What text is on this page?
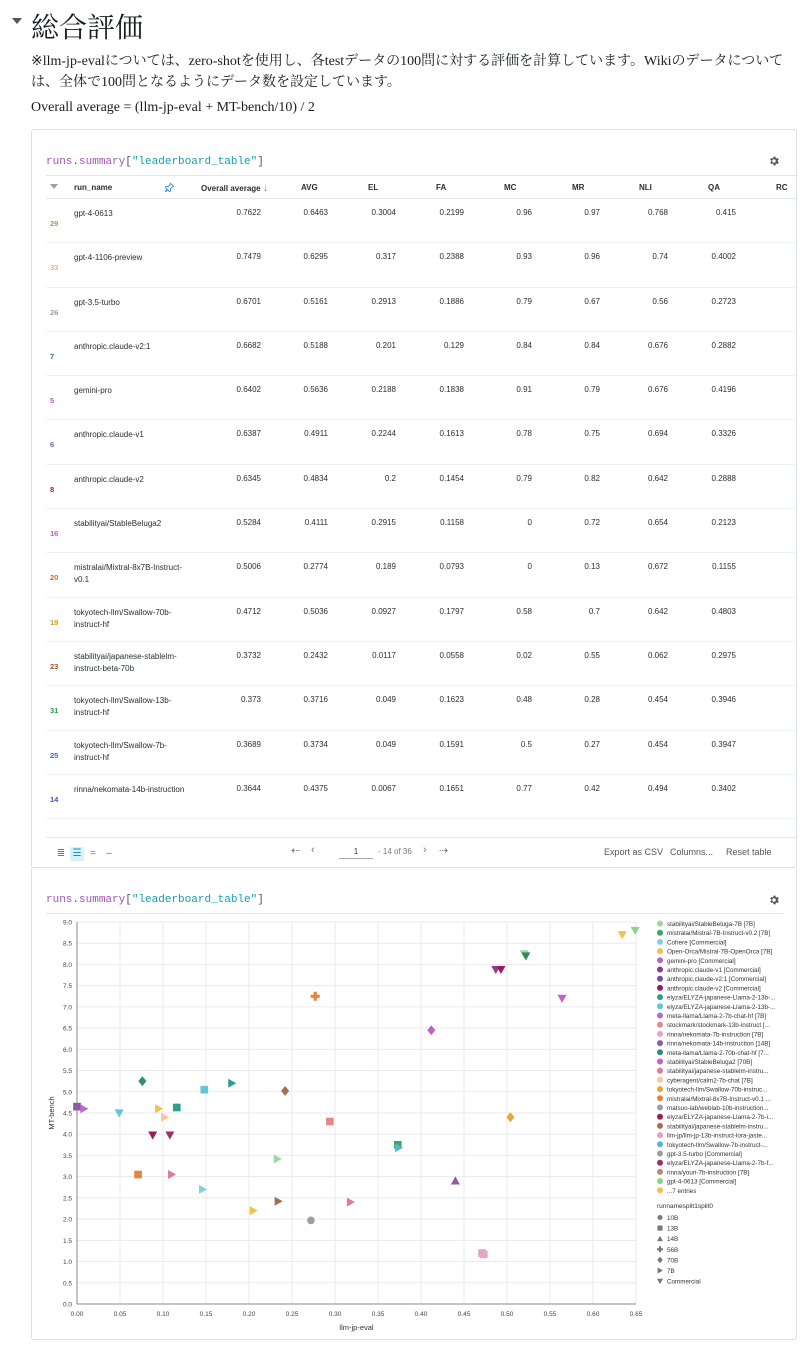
総合評価
※llm-jp-evalについては、zero-shotを使用し、各testデータの100問に対する評価を計算しています。Wikiのデータについては、全体で100問となるようにデータ数を設定しています。
Overall average = (llm-jp-eval + MT-bench/10) / 2
runs.summary["leaderboard_table"]
run_name	Overall average ↓	AVG	EL	FA	MC	MR	NLI	QA	RC
29
gpt-4-0613	0.7622	0.6463	0.3004	0.2199	0.96	0.97	0.768	0.415
33
gpt-4-1106-preview	0.7479	0.6295	0.317	0.2388	0.93	0.96	0.74	0.4002
26
gpt-3.5-turbo	0.6701	0.5161	0.2913	0.1886	0.79	0.67	0.56	0.2723
7
anthropic.claude-v2:1	0.6682	0.5188	0.201	0.129	0.84	0.84	0.676	0.2882
5
gemini-pro	0.6402	0.5636	0.2188	0.1838	0.91	0.79	0.676	0.4196
6
anthropic.claude-v1	0.6387	0.4911	0.2244	0.1613	0.78	0.75	0.694	0.3326
8
anthropic.claude-v2	0.6345	0.4834	0.2	0.1454	0.79	0.82	0.642	0.2888
16
stabilityai/StableBeluga2	0.5284	0.4111	0.2915	0.1158	0	0.72	0.654	0.2123
20
mistralai/Mixtral-8x7B-Instruct-v0.1
0.5006	0.2774	0.189	0.0793	0	0.13	0.672	0.1155
19
tokyotech-llm/Swallow-70b-instruct-hf
0.4712	0.5036	0.0927	0.1797	0.58	0.7	0.642	0.4803
23
stabilityai/japanese-stablelm-instruct-beta-70b
0.3732	0.2432	0.0117	0.0558	0.02	0.55	0.062	0.2975
31
tokyotech-llm/Swallow-13b-instruct-hf
0.373	0.3716	0.049	0.1623	0.48	0.28	0.454	0.3946
25
tokyotech-llm/Swallow-7b-instruct-hf
0.3689	0.3734	0.049	0.1591	0.5	0.27	0.454	0.3947
14
rinna/nekomata-14b-instruction	0.3644	0.4375	0.0067	0.1651	0.77	0.42	0.494	0.3402
≣ ☰ =	–	⇠ ‹	1	- 14 of 36 › ⇢	Export as CSV Columns... Reset table
runs.summary["leaderboard_table"]
0.00	0.05	0.10	0.15	0.20	0.25	0.30	0.35	0.40	0.45	0.50	0.55	0.60	0.65
0.0
0.5
1.0
1.5
2.0
2.5
3.0
3.5
4.0
4.5
5.0
5.5
6.0
6.5
7.0
7.5
8.0
8.5
9.0
llm-jp-eval
MT-bench
stabilityai/StableBeluga-7B [7B]
mistralai/Mistral-7B-Instruct-v0.2 [7B]
Cohere [Commercial]
Open-Orca/Mistral-7B-OpenOrca [7B]
gemini-pro [Commercial]
anthropic.claude-v1 [Commercial]
anthropic.claude-v2:1 [Commercial]
anthropic.claude-v2 [Commercial]
elyza/ELYZA-japanese-Llama-2-13b-...
elyza/ELYZA-japanese-Llama-2-13b-...
meta-llama/Llama-2-7b-chat-hf [7B]
stockmark/stockmark-13b-instruct [...
rinna/nekomata-7b-instruction [7B]
rinna/nekomata-14b-instruction [14B]
meta-llama/Llama-2-70b-chat-hf [7...
stabilityai/StableBeluga2 [70B]
stabilityai/japanese-stablelm-instru...
cyberagent/calm2-7b-chat [7B]
tokyotech-llm/Swallow-70b-instruc...
mistralai/Mixtral-8x7B-Instruct-v0.1 ...
matsuo-lab/weblab-10b-instruction...
elyza/ELYZA-japanese-Llama-2-7b-i...
stabilityai/japanese-stablelm-instru...
llm-jp/llm-jp-13b-instruct-lora-jaste...
tokyotech-llm/Swallow-7b-instruct-...
gpt-3.5-turbo [Commercial]
elyza/ELYZA-japanese-Llama-2-7b-f...
rinna/youri-7b-instruction [7B]
gpt-4-0613 [Commercial]
...7 entries
runnamesplit1split0
10B
13B
14B
56B
70B
7B
Commercial
